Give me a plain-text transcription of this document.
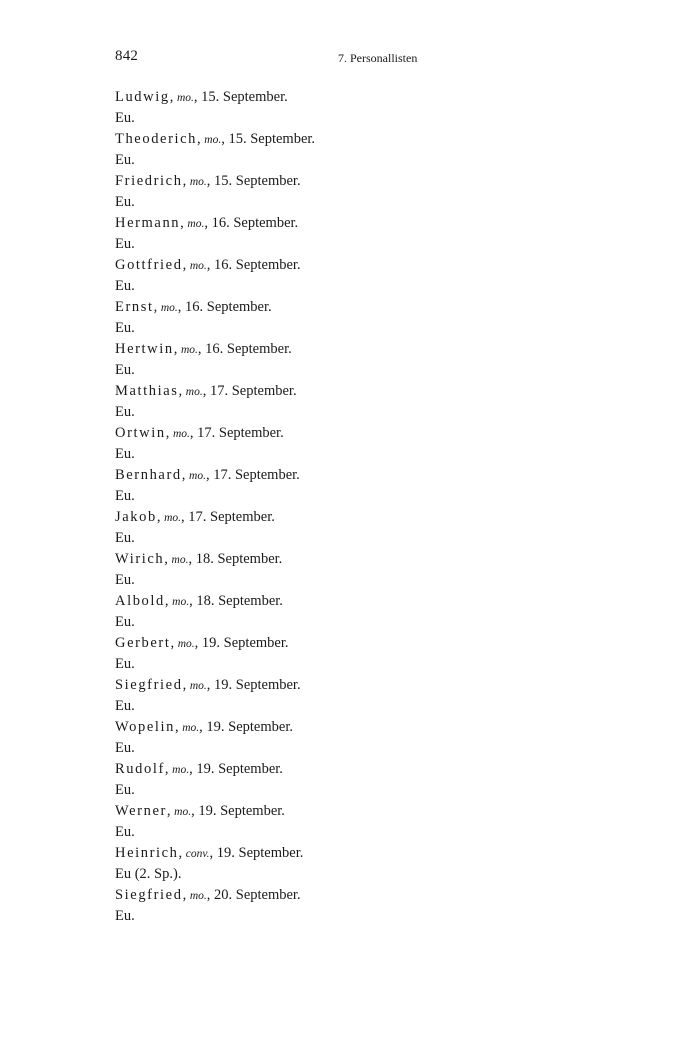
842	7. Personallisten
Ludwig, mo., 15. September.
Eu.
Theoderich, mo., 15. September.
Eu.
Friedrich, mo., 15. September.
Eu.
Hermann, mo., 16. September.
Eu.
Gottfried, mo., 16. September.
Eu.
Ernst, mo., 16. September.
Eu.
Hertwin, mo., 16. September.
Eu.
Matthias, mo., 17. September.
Eu.
Ortwin, mo., 17. September.
Eu.
Bernhard, mo., 17. September.
Eu.
Jakob, mo., 17. September.
Eu.
Wirich, mo., 18. September.
Eu.
Albold, mo., 18. September.
Eu.
Gerbert, mo., 19. September.
Eu.
Siegfried, mo., 19. September.
Eu.
Wopelin, mo., 19. September.
Eu.
Rudolf, mo., 19. September.
Eu.
Werner, mo., 19. September.
Eu.
Heinrich, conv., 19. September.
Eu (2. Sp.).
Siegfried, mo., 20. September.
Eu.
